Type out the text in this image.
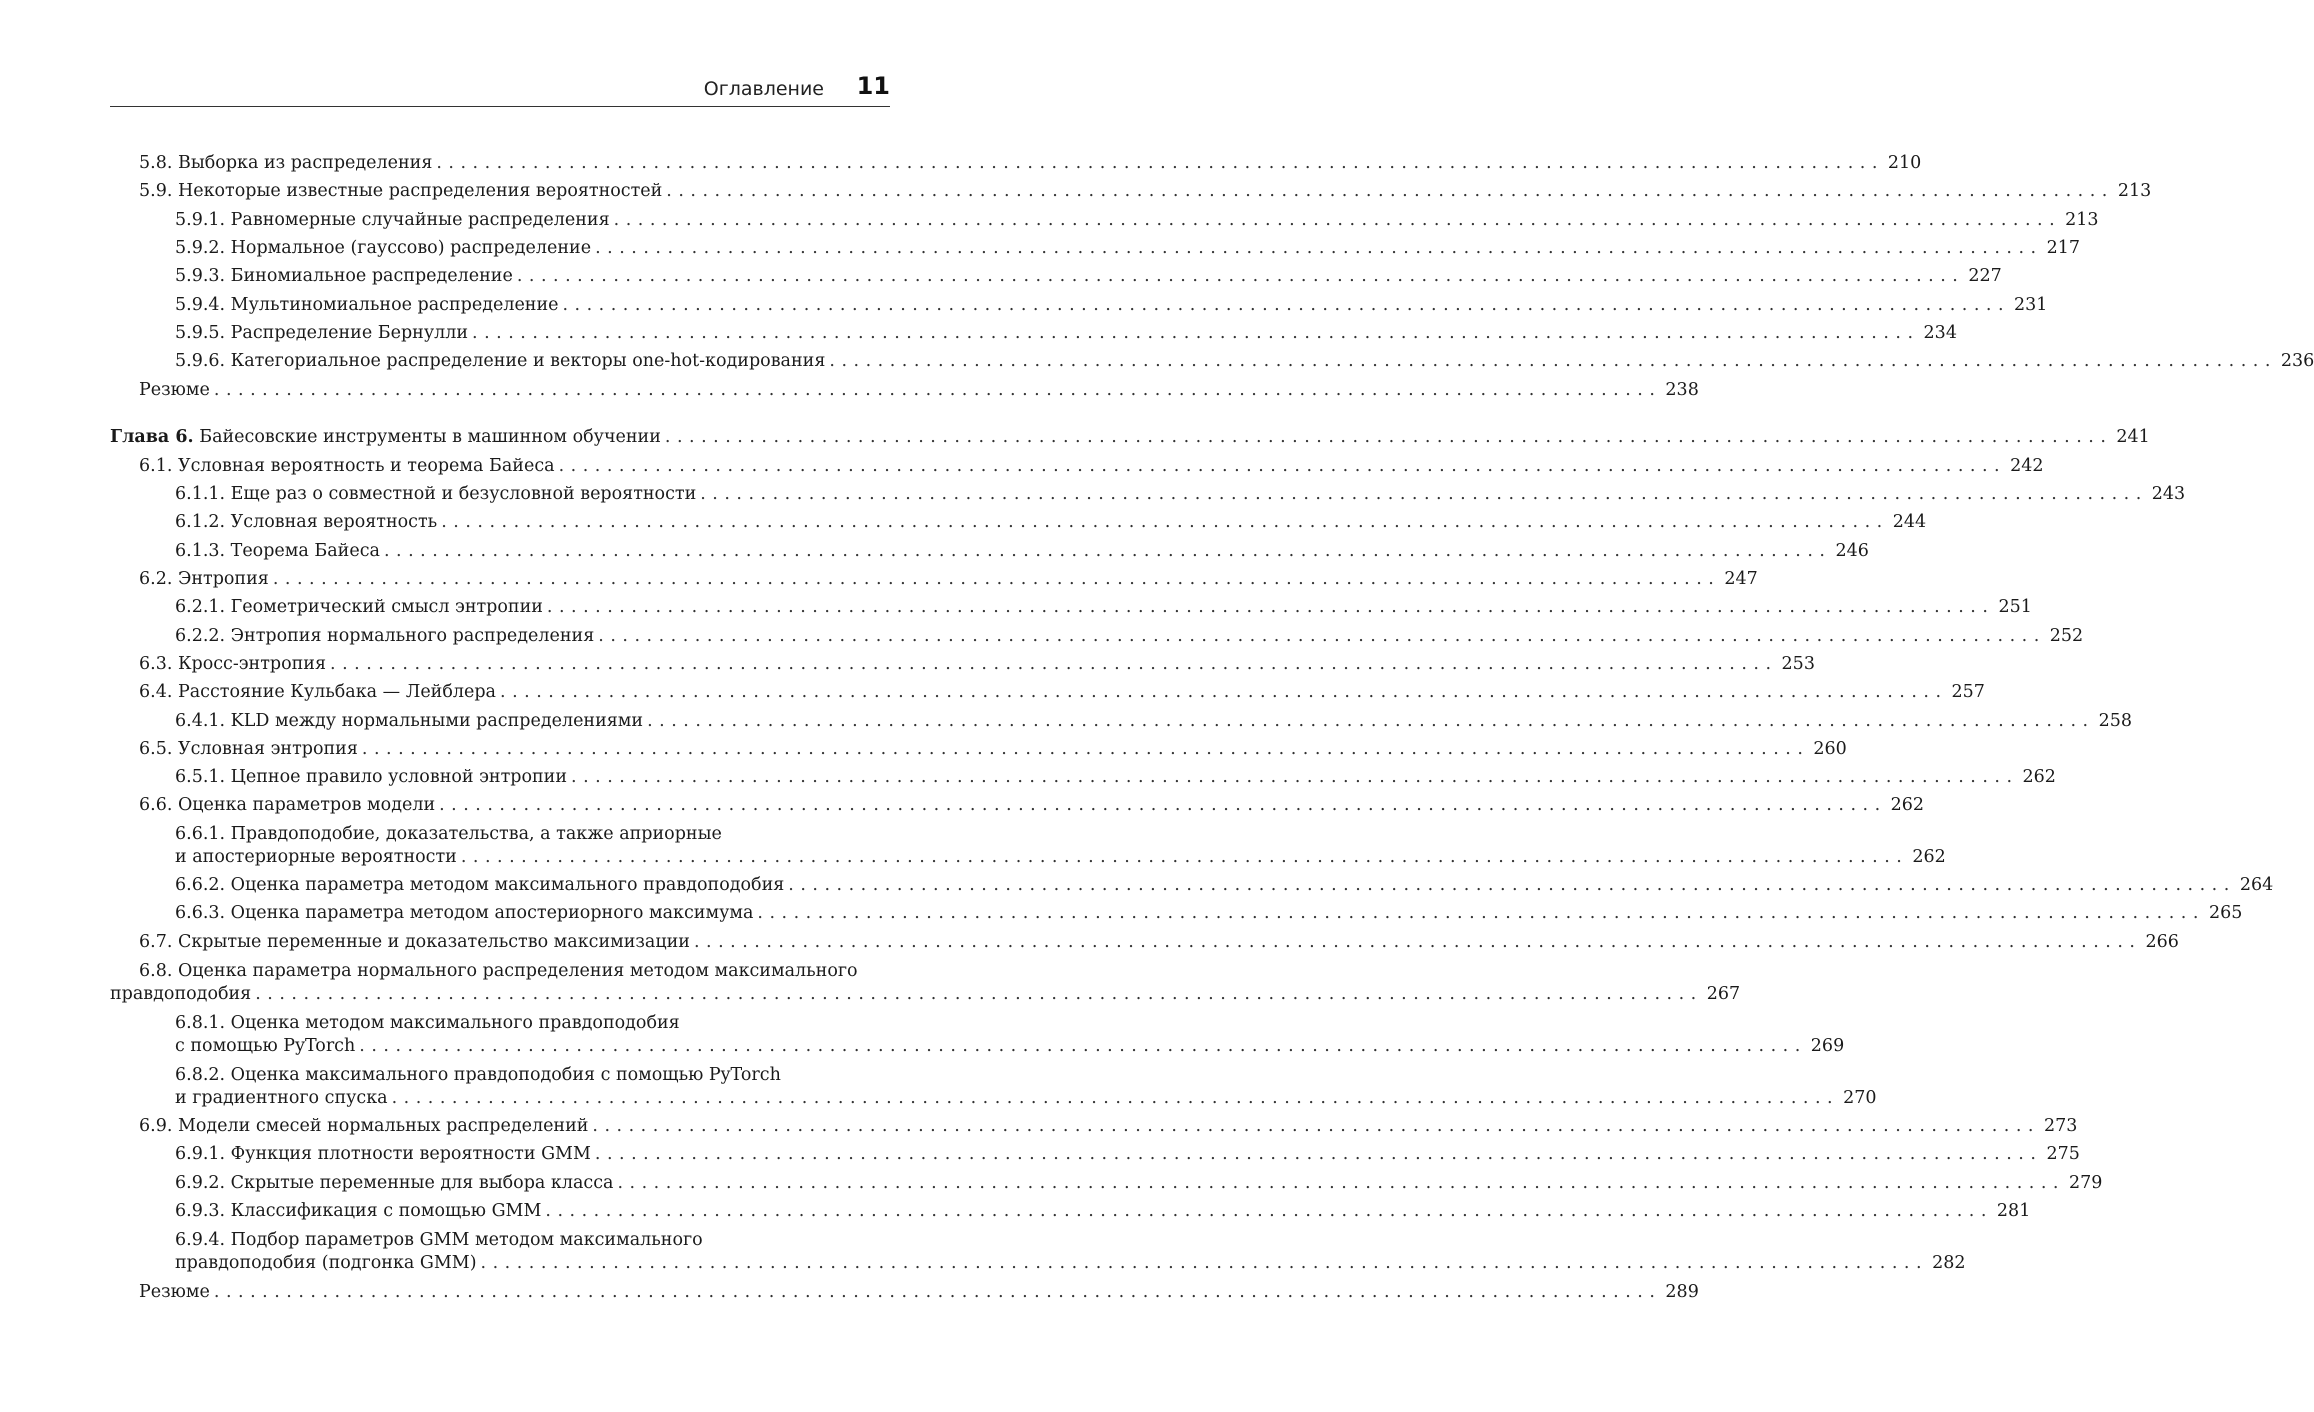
Оглавление 11
5.8. Выборка из распределения ........................................................................................................................ 210
5.9. Некоторые известные распределения вероятностей ........................................................................................................................ 213
5.9.1. Равномерные случайные распределения ........................................................................................................................ 213
5.9.2. Нормальное (гауссово) распределение ........................................................................................................................ 217
5.9.3. Биномиальное распределение ........................................................................................................................ 227
5.9.4. Мультиномиальное распределение ........................................................................................................................ 231
5.9.5. Распределение Бернулли ........................................................................................................................ 234
5.9.6. Категориальное распределение и векторы one-hot-кодирования ........................................................................................................................ 236
Резюме ........................................................................................................................ 238
Глава 6. Байесовские инструменты в машинном обучении ........................................................................................................................ 241
6.1. Условная вероятность и теорема Байеса ........................................................................................................................ 242
6.1.1. Еще раз о совместной и безусловной вероятности ........................................................................................................................ 243
6.1.2. Условная вероятность ........................................................................................................................ 244
6.1.3. Теорема Байеса ........................................................................................................................ 246
6.2. Энтропия ........................................................................................................................ 247
6.2.1. Геометрический смысл энтропии ........................................................................................................................ 251
6.2.2. Энтропия нормального распределения ........................................................................................................................ 252
6.3. Кросс-энтропия ........................................................................................................................ 253
6.4. Расстояние Кульбака — Лейблера ........................................................................................................................ 257
6.4.1. KLD между нормальными распределениями ........................................................................................................................ 258
6.5. Условная энтропия ........................................................................................................................ 260
6.5.1. Цепное правило условной энтропии ........................................................................................................................ 262
6.6. Оценка параметров модели ........................................................................................................................ 262
6.6.1. Правдоподобие, доказательства, а также априорные
и апостериорные вероятности ........................................................................................................................ 262
6.6.2. Оценка параметра методом максимального правдоподобия ........................................................................................................................ 264
6.6.3. Оценка параметра методом апостериорного максимума ........................................................................................................................ 265
6.7. Скрытые переменные и доказательство максимизации ........................................................................................................................ 266
6.8. Оценка параметра нормального распределения методом максимального
правдоподобия ........................................................................................................................ 267
6.8.1. Оценка методом максимального правдоподобия
с помощью PyTorch ........................................................................................................................ 269
6.8.2. Оценка максимального правдоподобия с помощью PyTorch
и градиентного спуска ........................................................................................................................ 270
6.9. Модели смесей нормальных распределений ........................................................................................................................ 273
6.9.1. Функция плотности вероятности GMM ........................................................................................................................ 275
6.9.2. Скрытые переменные для выбора класса ........................................................................................................................ 279
6.9.3. Классификация с помощью GMM ........................................................................................................................ 281
6.9.4. Подбор параметров GMM методом максимального
правдоподобия (подгонка GMM) ........................................................................................................................ 282
Резюме ........................................................................................................................ 289
